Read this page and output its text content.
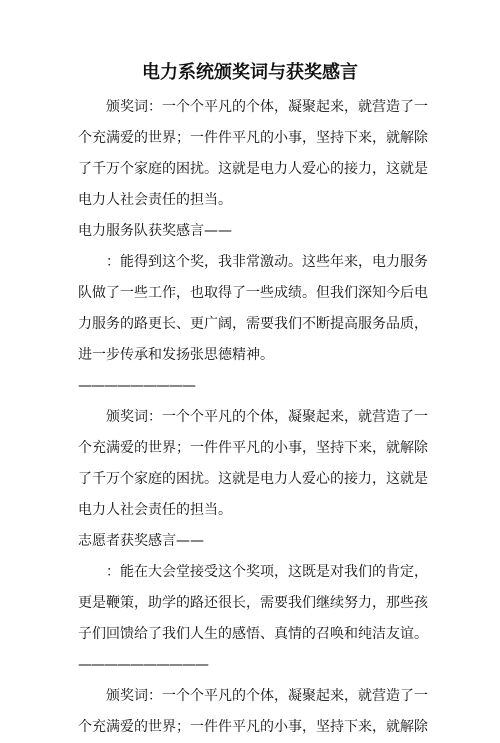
电力系统颁奖词与获奖感言
颁奖词：一个个平凡的个体，凝聚起来，就营造了一
个充满爱的世界；一件件平凡的小事，坚持下来，就解除
了千万个家庭的困扰。这就是电力人爱心的接力，这就是
电力人社会责任的担当。

电力服务队获奖感言——

：能得到这个奖，我非常激动。这些年来，电力服务
队做了一些工作，也取得了一些成绩。但我们深知今后电
力服务的路更长、更广阔，需要我们不断提高服务品质，
进一步传承和发扬张思德精神。

—————————

颁奖词：一个个平凡的个体，凝聚起来，就营造了一
个充满爱的世界；一件件平凡的小事，坚持下来，就解除
了千万个家庭的困扰。这就是电力人爱心的接力，这就是
电力人社会责任的担当。

志愿者获奖感言——

：能在大会堂接受这个奖项，这既是对我们的肯定，
更是鞭策，助学的路还很长，需要我们继续努力，那些孩
子们回馈给了我们人生的感悟、真情的召唤和纯洁友谊。

——————————

颁奖词：一个个平凡的个体，凝聚起来，就营造了一
个充满爱的世界；一件件平凡的小事，坚持下来，就解除
